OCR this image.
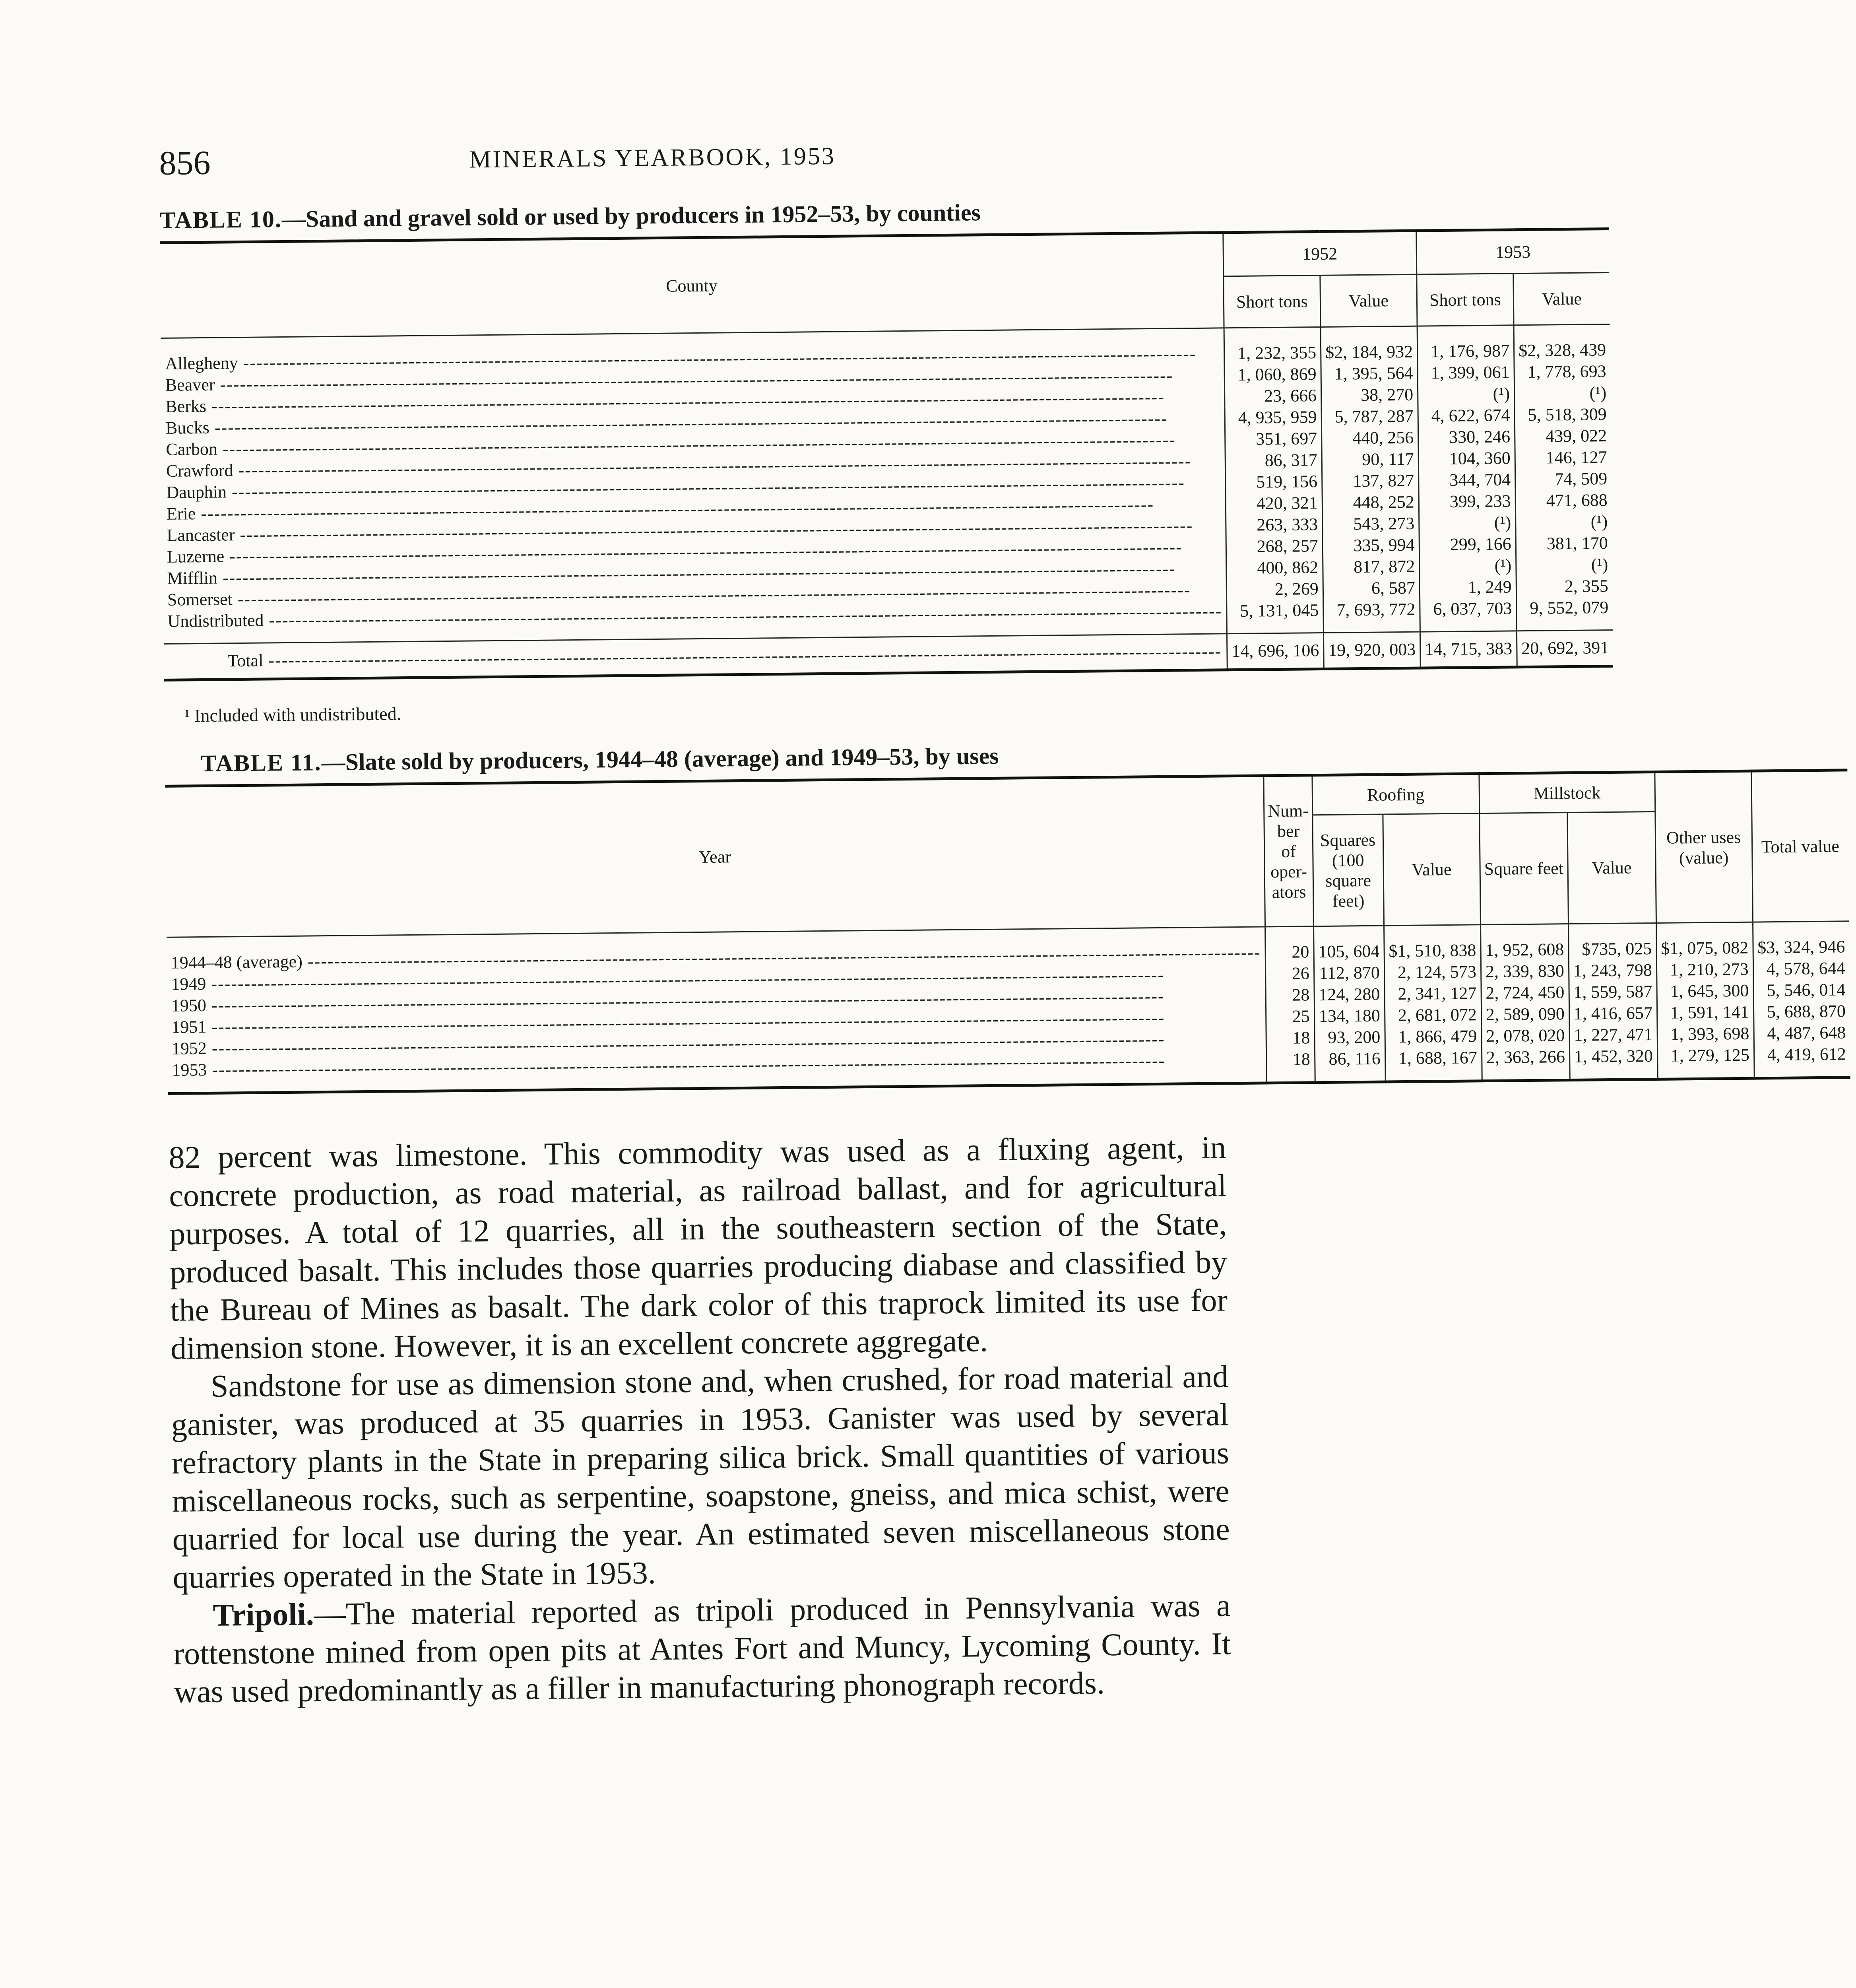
856	MINERALS YEARBOOK, 1953
TABLE 10.—Sand and gravel sold or used by producers in 1952–53, by counties
County	1952		1953	
	Short tons	Value	Short tons	Value
Allegheny -----	1, 232, 355	$2, 184, 932	1, 176, 987	$2, 328, 439
Beaver -----	1, 060, 869	1, 395, 564	1, 399, 061	1, 778, 693
Berks -----	23, 666	38, 270	(¹)	(¹)
Bucks -----	4, 935, 959	5, 787, 287	4, 622, 674	5, 518, 309
Carbon -----	351, 697	440, 256	330, 246	439, 022
Crawford -----	86, 317	90, 117	104, 360	146, 127
Dauphin -----	519, 156	137, 827	344, 704	74, 509
Erie -----	420, 321	448, 252	399, 233	471, 688
Lancaster -----	263, 333	543, 273	(¹)	(¹)
Luzerne -----	268, 257	335, 994	299, 166	381, 170
Mifflin -----	400, 862	817, 872	(¹)	(¹)
Somerset -----	2, 269	6, 587	1, 249	2, 355
Undistributed -----	5, 131, 045	7, 693, 772	6, 037, 703	9, 552, 079
Total -----	14, 696, 106	19, 920, 003	14, 715, 383	20, 692, 391
¹ Included with undistributed.
TABLE 11.—Slate sold by producers, 1944–48 (average) and 1949–53, by uses
Year	Num-ber of oper-ators	Roofing		Millstock		Other uses (value)	Total value
		Squares (100 square feet)	Value	Square feet	Value		
1944–48 (average) -----	20	105, 604	$1, 510, 838	1, 952, 608	$735, 025	$1, 075, 082	$3, 324, 946
1949 -----	26	112, 870	2, 124, 573	2, 339, 830	1, 243, 798	1, 210, 273	4, 578, 644
1950 -----	28	124, 280	2, 341, 127	2, 724, 450	1, 559, 587	1, 645, 300	5, 546, 014
1951 -----	25	134, 180	2, 681, 072	2, 589, 090	1, 416, 657	1, 591, 141	5, 688, 870
1952 -----	18	93, 200	1, 866, 479	2, 078, 020	1, 227, 471	1, 393, 698	4, 487, 648
1953 -----	18	86, 116	1, 688, 167	2, 363, 266	1, 452, 320	1, 279, 125	4, 419, 612

82 percent was limestone. This commodity was used as a fluxing agent, in concrete production, as road material, as railroad ballast, and for agricultural purposes. A total of 12 quarries, all in the southeastern section of the State, produced basalt. This includes those quarries producing diabase and classified by the Bureau of Mines as basalt. The dark color of this traprock limited its use for dimension stone. However, it is an excellent concrete aggregate.

Sandstone for use as dimension stone and, when crushed, for road material and ganister, was produced at 35 quarries in 1953. Ganister was used by several refractory plants in the State in preparing silica brick. Small quantities of various miscellaneous rocks, such as serpentine, soapstone, gneiss, and mica schist, were quarried for local use during the year. An estimated seven miscellaneous stone quarries operated in the State in 1953.

Tripoli.—The material reported as tripoli produced in Pennsylvania was a rottenstone mined from open pits at Antes Fort and Muncy, Lycoming County. It was used predominantly as a filler in manufacturing phonograph records.
